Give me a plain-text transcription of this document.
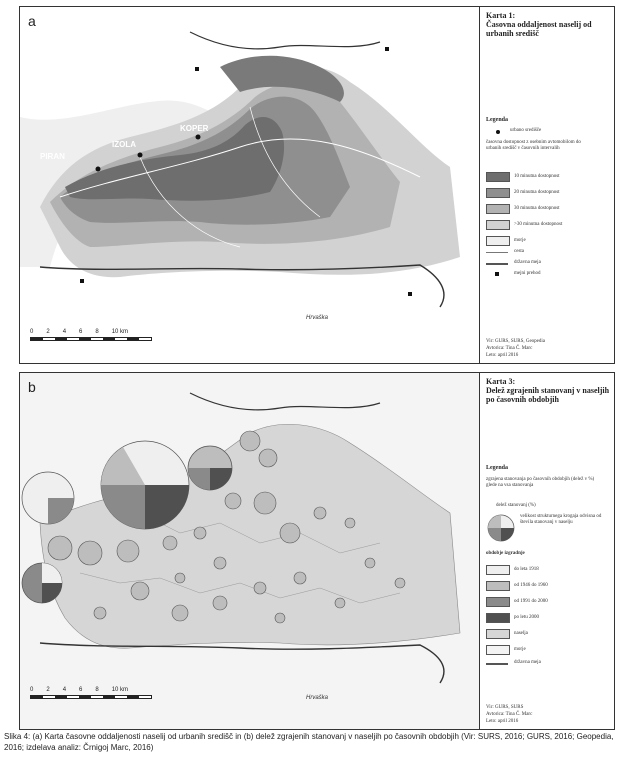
a
PIRAN
IZOLA
KOPER
Hrvaška
0 2 4 6 8 10 km
Karta 1:
Časovna oddaljenost naselij od urbanih središč
Legenda
urbano središče
časovna dostopnost z osebnim avtomobilom do urbanih središč v časovnih intervalih
10 minutna dostopnost
20 minutna dostopnost
30 minutna dostopnost
>30 minutna dostopnost
morje
cesta
državna meja
mejni prehod
Vir: GURS, SURS, Geopedia
Avtorica: Tina Č. Marc
Leto: april 2016
b
Hrvaška
0 2 4 6 8 10 km
Karta 3:
Delež zgrajenih stanovanj v naseljih po časovnih obdobjih
Legenda
zgrajena stanovanja po časovnih obdobjih (delež v %) glede na vsa stanovanja
delež stanovanj (%)
velikost strukturnega krogaja odvisna od števila stanovanj v naselju
obdobje izgradnje
do leta 1918
od 1946 do 1960
od 1991 do 2000
po letu 2000
naselja
morje
državna meja
Vir: GURS, SURS
Avtorica: Tina Č. Marc
Leto: april 2016
Slika 4: (a) Karta časovne oddaljenosti naselij od urbanih središč in (b) delež zgrajenih stanovanj v naseljih po časovnih obdobjih (Vir: SURS, 2016; GURS, 2016; Geopedia, 2016; izdelava analiz: Črnigoj Marc, 2016)
